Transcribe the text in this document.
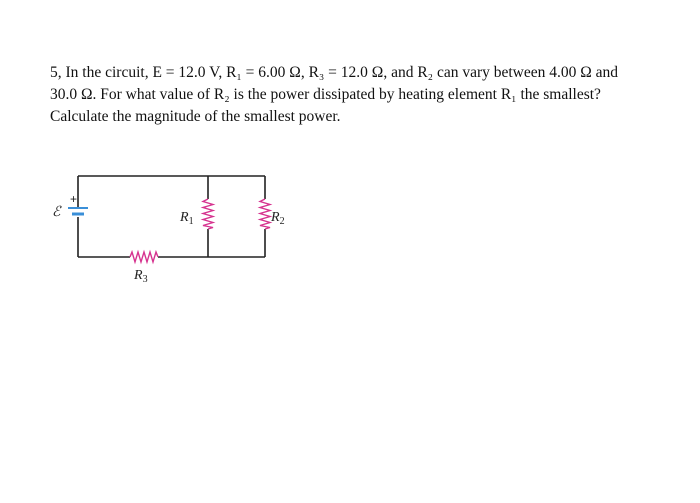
5, In the circuit, E = 12.0 V, R₁ = 6.00 Ω, R₃ = 12.0 Ω, and R₂ can vary between 4.00 Ω and

30.0 Ω. For what value of R₂ is the power dissipated by heating element R₁ the smallest?

Calculate the magnitude of the smallest power.

+
ℰ
$R_3$
$R_1$	$R_2$
